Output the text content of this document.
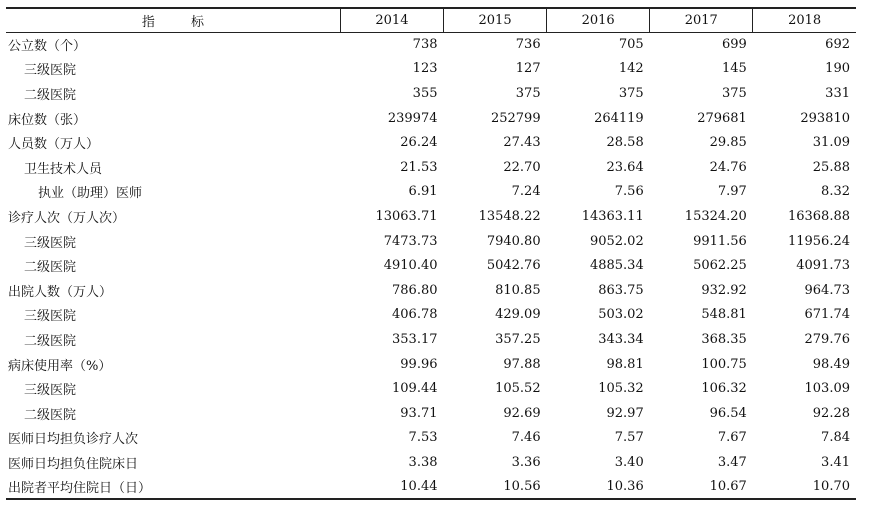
指 标	2014	2015	2016	2017	2018
公立数（个）	738	736	705	699	692
三级医院	123	127	142	145	190
二级医院	355	375	375	375	331
床位数（张）	239974	252799	264119	279681	293810
人员数（万人）	26.24	27.43	28.58	29.85	31.09
卫生技术人员	21.53	22.70	23.64	24.76	25.88
执业（助理）医师	6.91	7.24	7.56	7.97	8.32
诊疗人次（万人次）	13063.71	13548.22	14363.11	15324.20	16368.88
三级医院	7473.73	7940.80	9052.02	9911.56	11956.24
二级医院	4910.40	5042.76	4885.34	5062.25	4091.73
出院人数（万人）	786.80	810.85	863.75	932.92	964.73
三级医院	406.78	429.09	503.02	548.81	671.74
二级医院	353.17	357.25	343.34	368.35	279.76
病床使用率（%）	99.96	97.88	98.81	100.75	98.49
三级医院	109.44	105.52	105.32	106.32	103.09
二级医院	93.71	92.69	92.97	96.54	92.28
医师日均担负诊疗人次	7.53	7.46	7.57	7.67	7.84
医师日均担负住院床日	3.38	3.36	3.40	3.47	3.41
出院者平均住院日（日）	10.44	10.56	10.36	10.67	10.70
